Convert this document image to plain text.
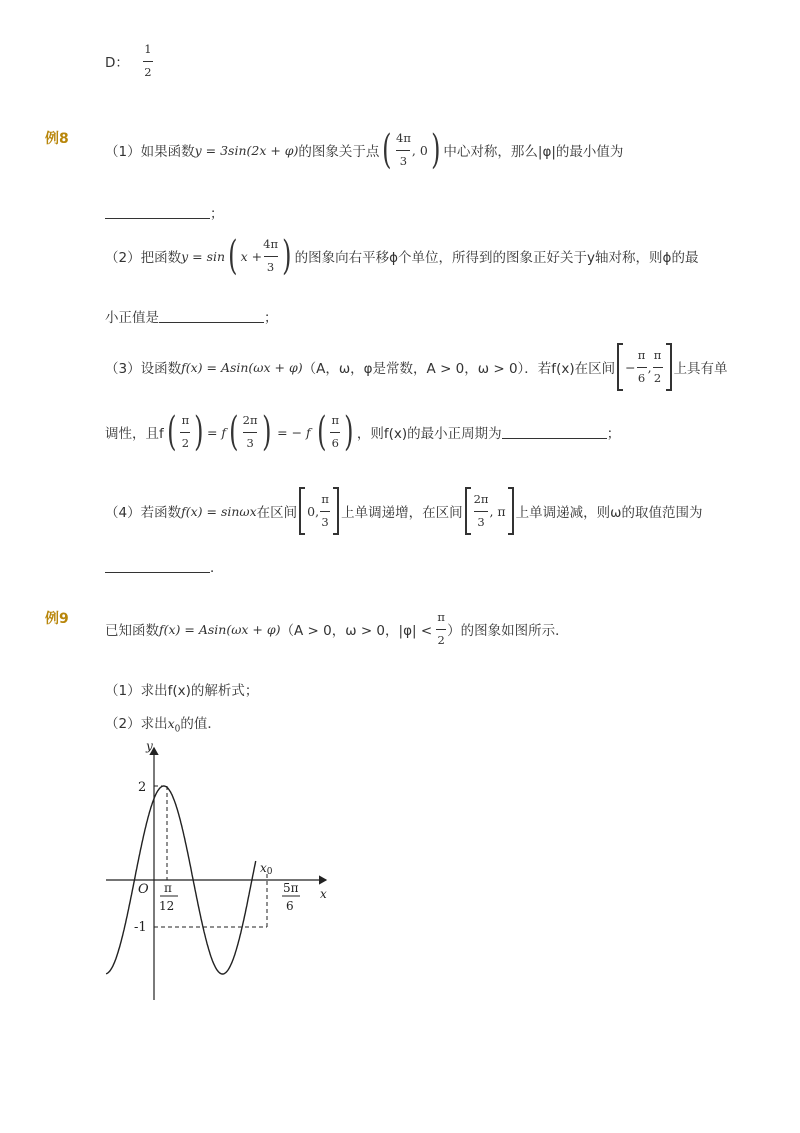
D： $\frac{1}{2}$
例8
（1）如果函数 y = 3sin(2x + φ) 的图象关于点 ( $\frac{4\pi}{3}$ , 0 ) 中心对称，那么|φ|的最小值为
；
（2）把函数 y = sin ( $x + \frac{4\pi}{3}$ ) 的图象向右平移ϕ个单位，所得到的图象正好关于y轴对称，则ϕ的最
小正值是	；
（3）设函数 f(x) = Asin(ωx + φ) （A，ω，φ是常数，A > 0，ω > 0）．若f(x)在区间 − $\frac{\pi}{6}$ , $\frac{\pi}{2}$ 上具有单
调性，且f ( $\frac{\pi}{2}$ ) = f ( $\frac{2\pi}{3}$ ) = − f ( $\frac{\pi}{6}$ ) ，则f(x)的最小正周期为	；
（4）若函数 f(x) = sinωx 在区间 0, $\frac{\pi}{3}$ 上单调递增，在区间 $\frac{2\pi}{3}$ , π 上单调递减，则ω的取值范围为
．
例9
已知函数 f(x) = Asin(ωx + φ) （A > 0，ω > 0，$|\varphi| < \frac{\pi}{2}$ ）的图象如图所示．
（1）求出f(x)的解析式；
（2）求出$x_0$的值．
y
x
O
2
-1
π
12
x0
5π
6
